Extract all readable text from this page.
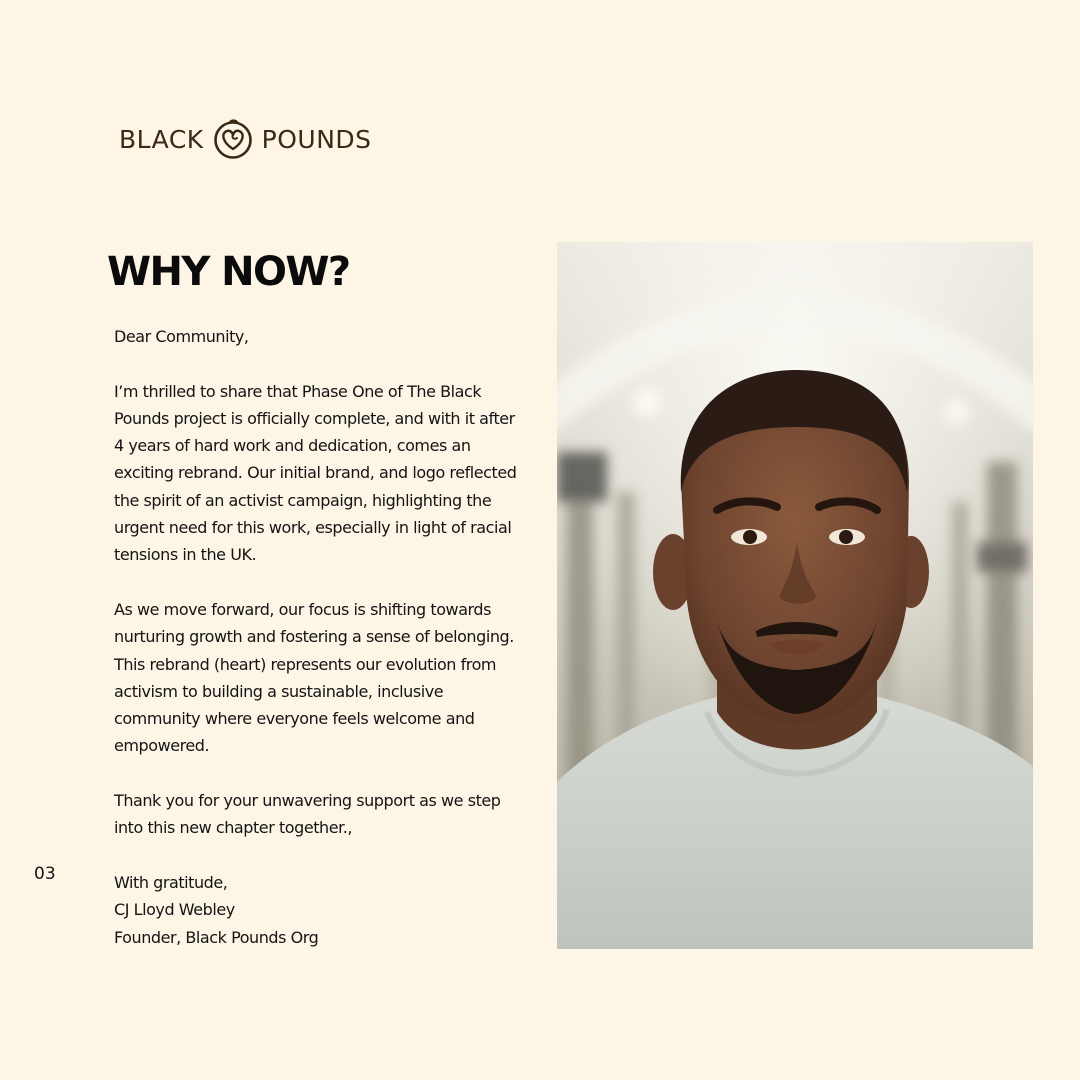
BLACK POUNDS
WHY NOW?

Dear Community,

I’m thrilled to share that Phase One of The Black Pounds project is officially complete, and with it after 4 years of hard work and dedication, comes an exciting rebrand. Our initial brand, and logo reflected the spirit of an activist campaign, highlighting the urgent need for this work, especially in light of racial tensions in the UK.

As we move forward, our focus is shifting towards nurturing growth and fostering a sense of belonging. This rebrand (heart) represents our evolution from activism to building a sustainable, inclusive community where everyone feels welcome and empowered.

Thank you for your unwavering support as we step into this new chapter together.,

With gratitude,
CJ Lloyd Webley
Founder, Black Pounds Org

03
